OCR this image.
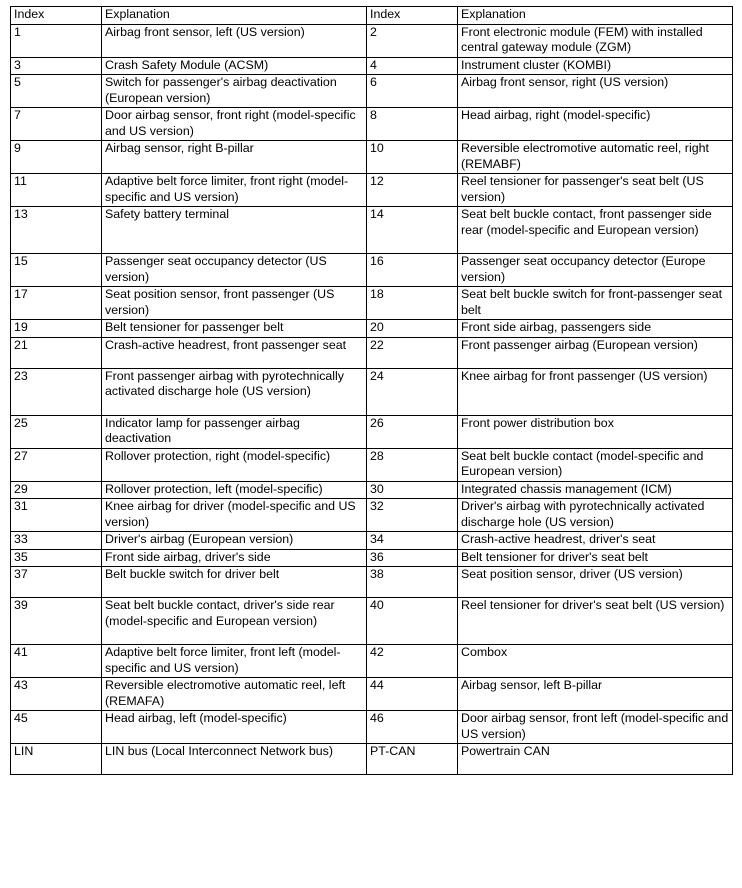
Index	Explanation	Index	Explanation
1	Airbag front sensor, left (US version)	2	Front electronic module (FEM) with installed central gateway module (ZGM)
3	Crash Safety Module (ACSM)	4	Instrument cluster (KOMBI)
5	Switch for passenger's airbag deactivation (European version)	6	Airbag front sensor, right (US version)
7	Door airbag sensor, front right (model-specific and US version)	8	Head airbag, right (model-specific)
9	Airbag sensor, right B-pillar	10	Reversible electromotive automatic reel, right (REMABF)
11	Adaptive belt force limiter, front right (model-specific and US version)	12	Reel tensioner for passenger's seat belt (US version)
13	Safety battery terminal	14	Seat belt buckle contact, front passenger side rear (model-specific and European version)
15	Passenger seat occupancy detector (US version)	16	Passenger seat occupancy detector (Europe version)
17	Seat position sensor, front passenger (US version)	18	Seat belt buckle switch for front-passenger seat belt
19	Belt tensioner for passenger belt	20	Front side airbag, passengers side
21	Crash-active headrest, front passenger seat	22	Front passenger airbag (European version)
23	Front passenger airbag with pyrotechnically activated discharge hole (US version)	24	Knee airbag for front passenger (US version)
25	Indicator lamp for passenger airbag deactivation	26	Front power distribution box
27	Rollover protection, right (model-specific)	28	Seat belt buckle contact (model-specific and European version)
29	Rollover protection, left (model-specific)	30	Integrated chassis management (ICM)
31	Knee airbag for driver (model-specific and US version)	32	Driver's airbag with pyrotechnically activated discharge hole (US version)
33	Driver's airbag (European version)	34	Crash-active headrest, driver's seat
35	Front side airbag, driver's side	36	Belt tensioner for driver's seat belt
37	Belt buckle switch for driver belt	38	Seat position sensor, driver (US version)
39	Seat belt buckle contact, driver's side rear (model-specific and European version)	40	Reel tensioner for driver's seat belt (US version)
41	Adaptive belt force limiter, front left (model-specific and US version)	42	Combox
43	Reversible electromotive automatic reel, left (REMAFA)	44	Airbag sensor, left B-pillar
45	Head airbag, left (model-specific)	46	Door airbag sensor, front left (model-specific and US version)
LIN	LIN bus (Local Interconnect Network bus)	PT-CAN	Powertrain CAN
